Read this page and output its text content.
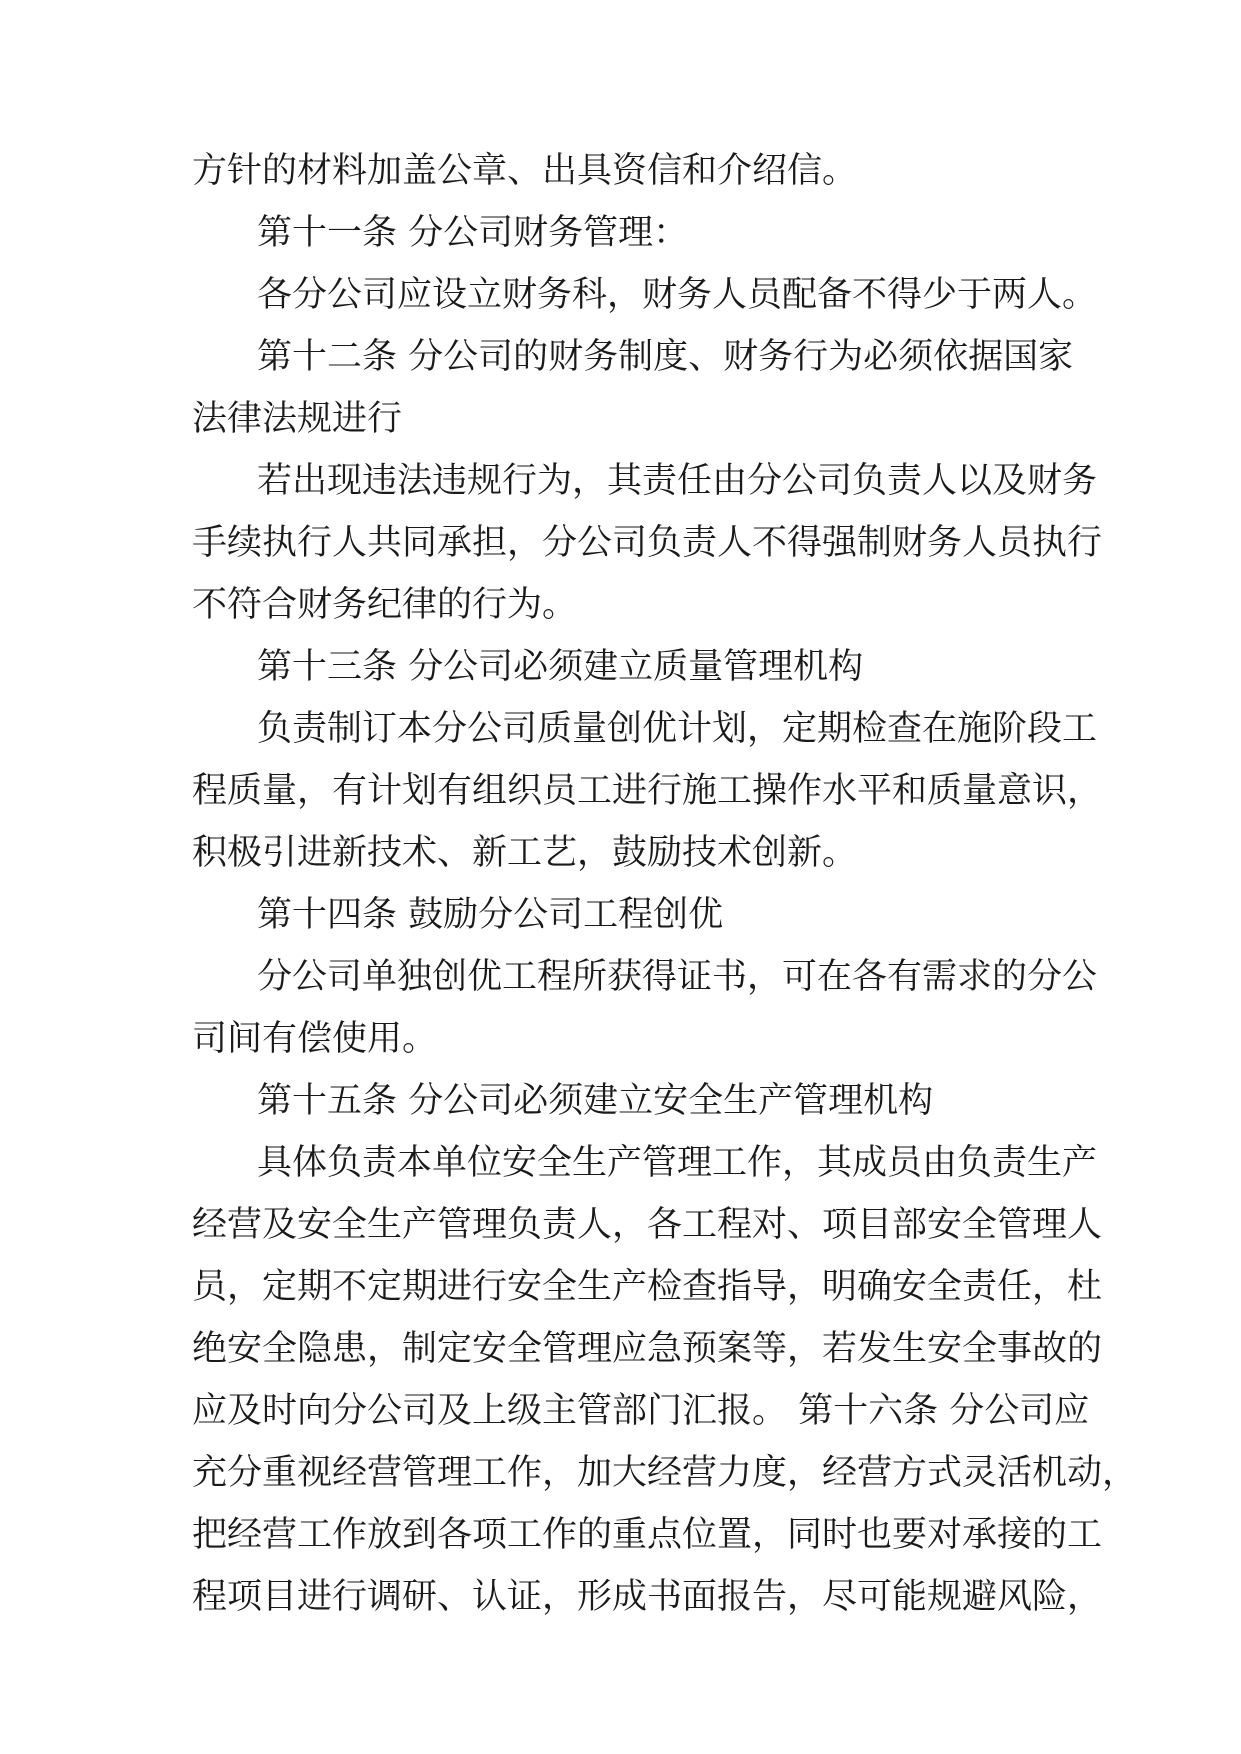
方针的材料加盖公章、出具资信和介绍信。
第十一条 分公司财务管理：
各分公司应设立财务科，财务人员配备不得少于两人。
第十二条 分公司的财务制度、财务行为必须依据国家
法律法规进行
若出现违法违规行为，其责任由分公司负责人以及财务
手续执行人共同承担，分公司负责人不得强制财务人员执行
不符合财务纪律的行为。
第十三条 分公司必须建立质量管理机构
负责制订本分公司质量创优计划，定期检查在施阶段工
程质量，有计划有组织员工进行施工操作水平和质量意识，
积极引进新技术、新工艺，鼓励技术创新。
第十四条 鼓励分公司工程创优
分公司单独创优工程所获得证书，可在各有需求的分公
司间有偿使用。
第十五条 分公司必须建立安全生产管理机构
具体负责本单位安全生产管理工作，其成员由负责生产
经营及安全生产管理负责人，各工程对、项目部安全管理人
员，定期不定期进行安全生产检查指导，明确安全责任，杜
绝安全隐患，制定安全管理应急预案等，若发生安全事故的
应及时向分公司及上级主管部门汇报。 第十六条 分公司应
充分重视经营管理工作，加大经营力度，经营方式灵活机动，
把经营工作放到各项工作的重点位置，同时也要对承接的工
程项目进行调研、认证，形成书面报告，尽可能规避风险，
